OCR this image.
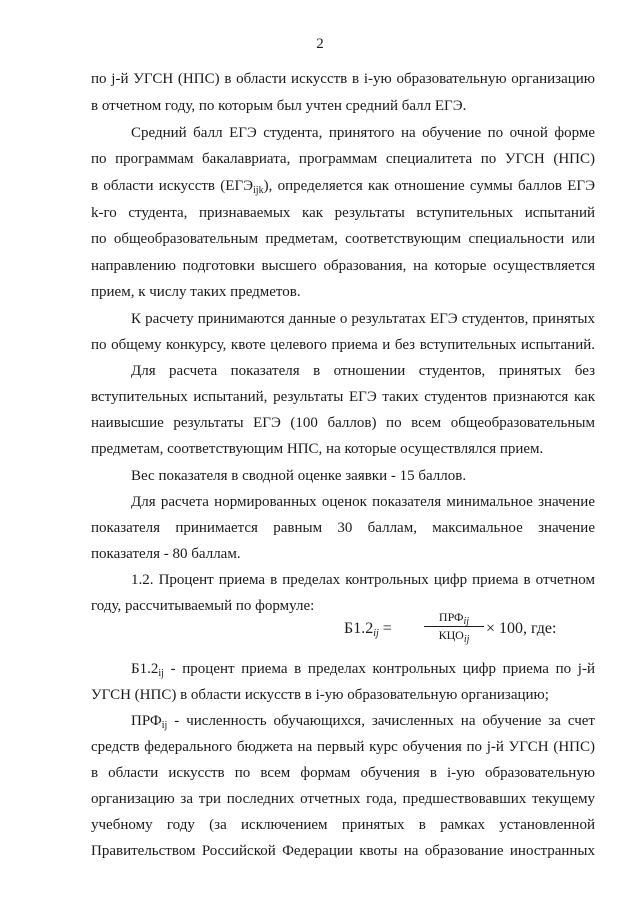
2
по j-й УГСН (НПС) в области искусств в i-ую образовательную организацию
в отчетном году, по которым был учтен средний балл ЕГЭ.
Средний балл ЕГЭ студента, принятого на обучение по очной форме
по программам бакалавриата, программам специалитета по УГСН (НПС)
в области искусств $(ЕГЭ_{ijk})$, определяется как отношение суммы баллов ЕГЭ
k-го студента, признаваемых как результаты вступительных испытаний
по общеобразовательным предметам, соответствующим специальности или
направлению подготовки высшего образования, на которые осуществляется
прием, к числу таких предметов.
К расчету принимаются данные о результатах ЕГЭ студентов, принятых
по общему конкурсу, квоте целевого приема и без вступительных испытаний.
Для расчета показателя в отношении студентов, принятых без
вступительных испытаний, результаты ЕГЭ таких студентов признаются как
наивысшие результаты ЕГЭ (100 баллов) по всем общеобразовательным
предметам, соответствующим НПС, на которые осуществлялся прием.
Вес показателя в сводной оценке заявки - 15 баллов.
Для расчета нормированных оценок показателя минимальное значение
показателя принимается равным 30 баллам, максимальное значение
показателя - 80 баллам.
1.2. Процент приема в пределах контрольных цифр приема в отчетном
году, рассчитываемый по формуле:
$Б1.2_{ij}$ - процент приема в пределах контрольных цифр приема по j-й
УГСН (НПС) в области искусств в i-ую образовательную организацию;
$ПРФ_{ij}$ - численность обучающихся, зачисленных на обучение за счет
средств федерального бюджета на первый курс обучения по j-й УГСН (НПС)
в области искусств по всем формам обучения в i-ую образовательную
организацию за три последних отчетных года, предшествовавших текущему
учебному году (за исключением принятых в рамках установленной
Правительством Российской Федерации квоты на образование иностранных
$Б1.2_{ij}$ =
$ПРФ_{ij}$
$КЦО_{ij}$
× 100, где:
